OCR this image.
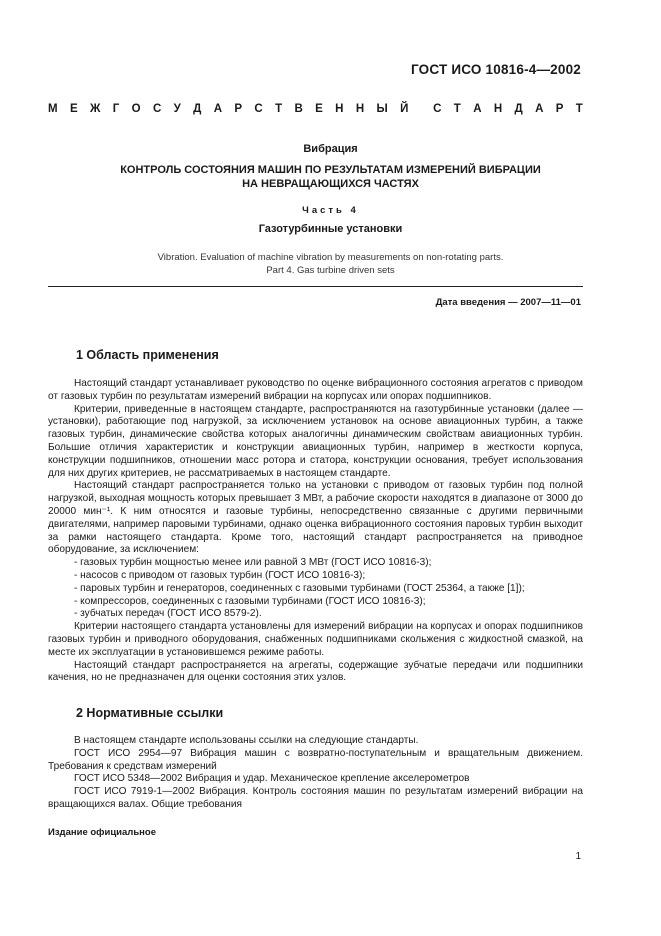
ГОСТ ИСО 10816-4—2002
М Е Ж Г О С У Д А Р С Т В Е Н Н Ы Й С Т А Н Д А Р Т
Вибрация
КОНТРОЛЬ СОСТОЯНИЯ МАШИН ПО РЕЗУЛЬТАТАМ ИЗМЕРЕНИЙ ВИБРАЦИИ
НА НЕВРАЩАЮЩИХСЯ ЧАСТЯХ
Часть 4
Газотурбинные установки
Vibration. Evaluation of machine vibration by measurements on non-rotating parts.
Part 4. Gas turbine driven sets
Дата введения — 2007—11—01
1 Область применения

Настоящий стандарт устанавливает руководство по оценке вибрационного состояния агрегатов с приводом от газовых турбин по результатам измерений вибрации на корпусах или опорах подшипников.

Критерии, приведенные в настоящем стандарте, распространяются на газотурбинные установки (далее — установки), работающие под нагрузкой, за исключением установок на основе авиационных турбин, а также газовых турбин, динамические свойства которых аналогичны динамическим свойствам авиационных турбин. Большие отличия характеристик и конструкции авиационных турбин, например в жесткости корпуса, конструкции подшипников, отношении масс ротора и статора, конструкции основания, требует использования для них других критериев, не рассматриваемых в настоящем стандарте.

Настоящий стандарт распространяется только на установки с приводом от газовых турбин под полной нагрузкой, выходная мощность которых превышает 3 МВт, а рабочие скорости находятся в диапазоне от 3000 до 20000 мин⁻¹. К ним относятся и газовые турбины, непосредственно связанные с другими первичными двигателями, например паровыми турбинами, однако оценка вибрационного состояния паровых турбин выходит за рамки настоящего стандарта. Кроме того, настоящий стандарт распространяется на приводное оборудование, за исключением:

- газовых турбин мощностью менее или равной 3 МВт (ГОСТ ИСО 10816-3);

- насосов с приводом от газовых турбин (ГОСТ ИСО 10816-3);

- паровых турбин и генераторов, соединенных с газовыми турбинами (ГОСТ 25364, а также [1]);

- компрессоров, соединенных с газовыми турбинами (ГОСТ ИСО 10816-3);

- зубчатых передач (ГОСТ ИСО 8579-2).

Критерии настоящего стандарта установлены для измерений вибрации на корпусах и опорах подшипников газовых турбин и приводного оборудования, снабженных подшипниками скольжения с жидкостной смазкой, на месте их эксплуатации в установившемся режиме работы.

Настоящий стандарт распространяется на агрегаты, содержащие зубчатые передачи или подшипники качения, но не предназначен для оценки состояния этих узлов.

2 Нормативные ссылки

В настоящем стандарте использованы ссылки на следующие стандарты.

ГОСТ ИСО 2954—97 Вибрация машин с возвратно-поступательным и вращательным движением. Требования к средствам измерений

ГОСТ ИСО 5348—2002 Вибрация и удар. Механическое крепление акселерометров

ГОСТ ИСО 7919-1—2002 Вибрация. Контроль состояния машин по результатам измерений вибрации на вращающихся валах. Общие требования

Издание официальное
1
